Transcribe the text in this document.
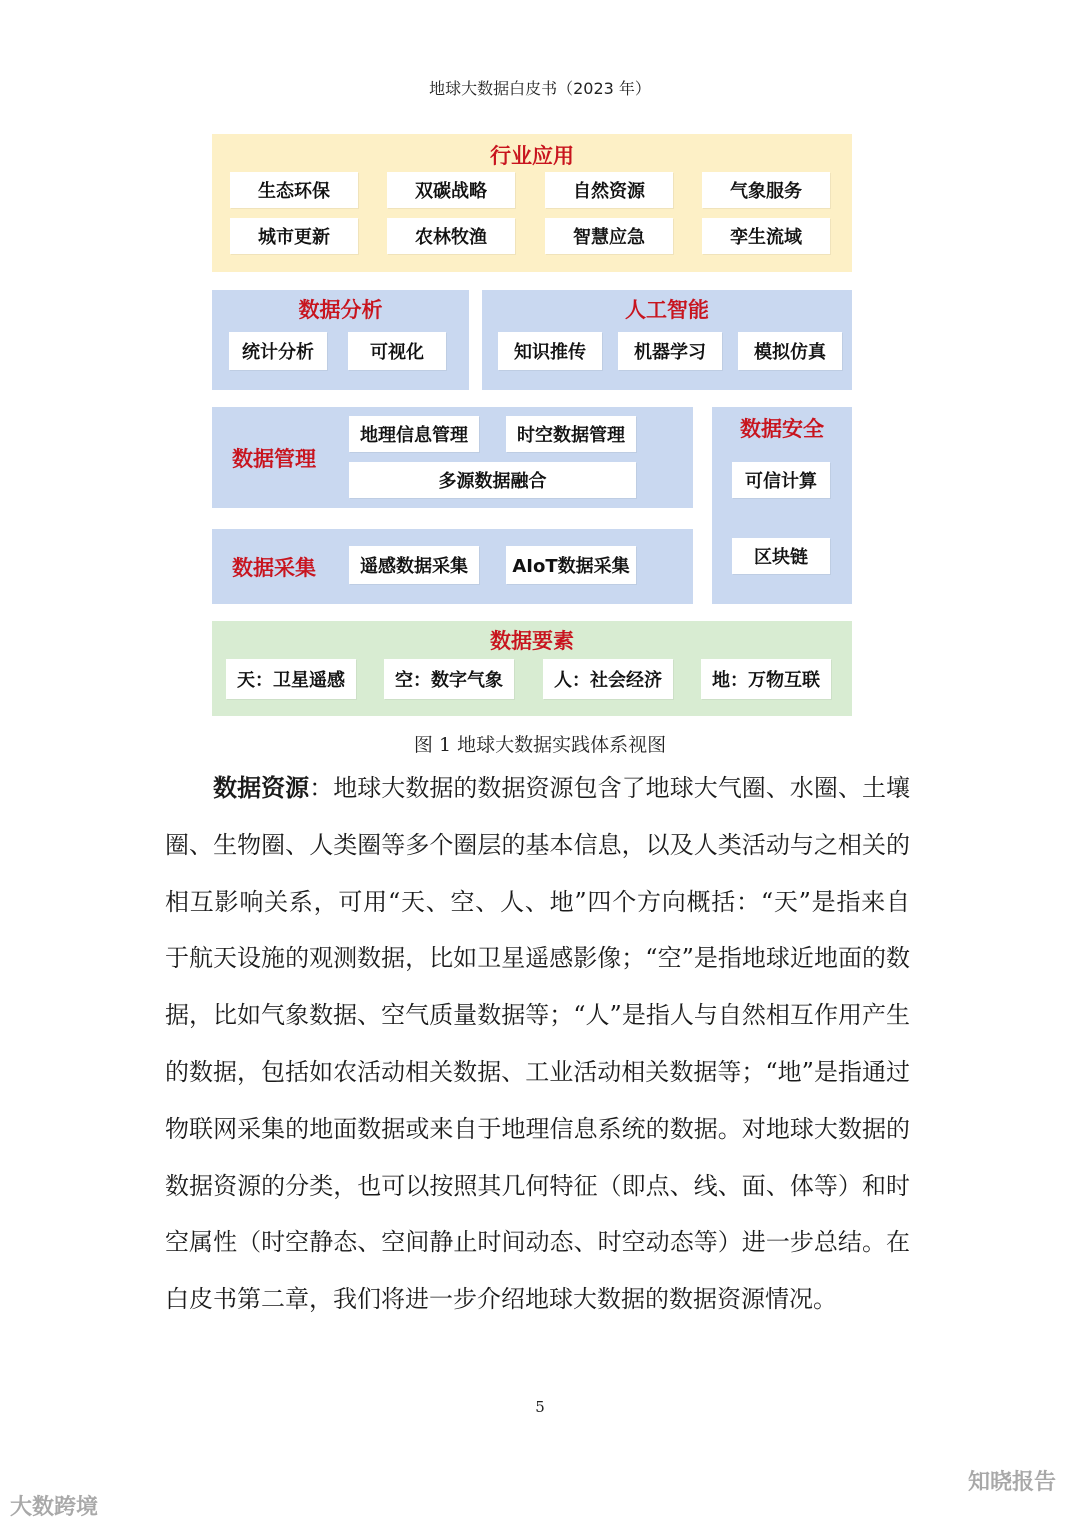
地球大数据白皮书（2023 年）
行业应用
生态环保	双碳战略	自然资源	气象服务
城市更新	农林牧渔	智慧应急	孪生流域
数据分析
统计分析	可视化
人工智能
知识推传	机器学习	模拟仿真
数据管理
地理信息管理	时空数据管理
多源数据融合
数据采集	遥感数据采集	AIoT数据采集
数据安全
可信计算
区块链
数据要素
天：卫星遥感	空：数字气象	人：社会经济	地：万物互联
图 1 地球大数据实践体系视图

数据资源：地球大数据的数据资源包含了地球大气圈、水圈、土壤圈、生物圈、人类圈等多个圈层的基本信息，以及人类活动与之相关的相互影响关系，可用“天、空、人、地”四个方向概括：“天”是指来自于航天设施的观测数据，比如卫星遥感影像；“空”是指地球近地面的数据，比如气象数据、空气质量数据等；“人”是指人与自然相互作用产生的数据，包括如农活动相关数据、工业活动相关数据等；“地”是指通过物联网采集的地面数据或来自于地理信息系统的数据。对地球大数据的数据资源的分类，也可以按照其几何特征（即点、线、面、体等）和时空属性（时空静态、空间静止时间动态、时空动态等）进一步总结。在白皮书第二章，我们将进一步介绍地球大数据的数据资源情况。

5
大数跨境
知晓报告
